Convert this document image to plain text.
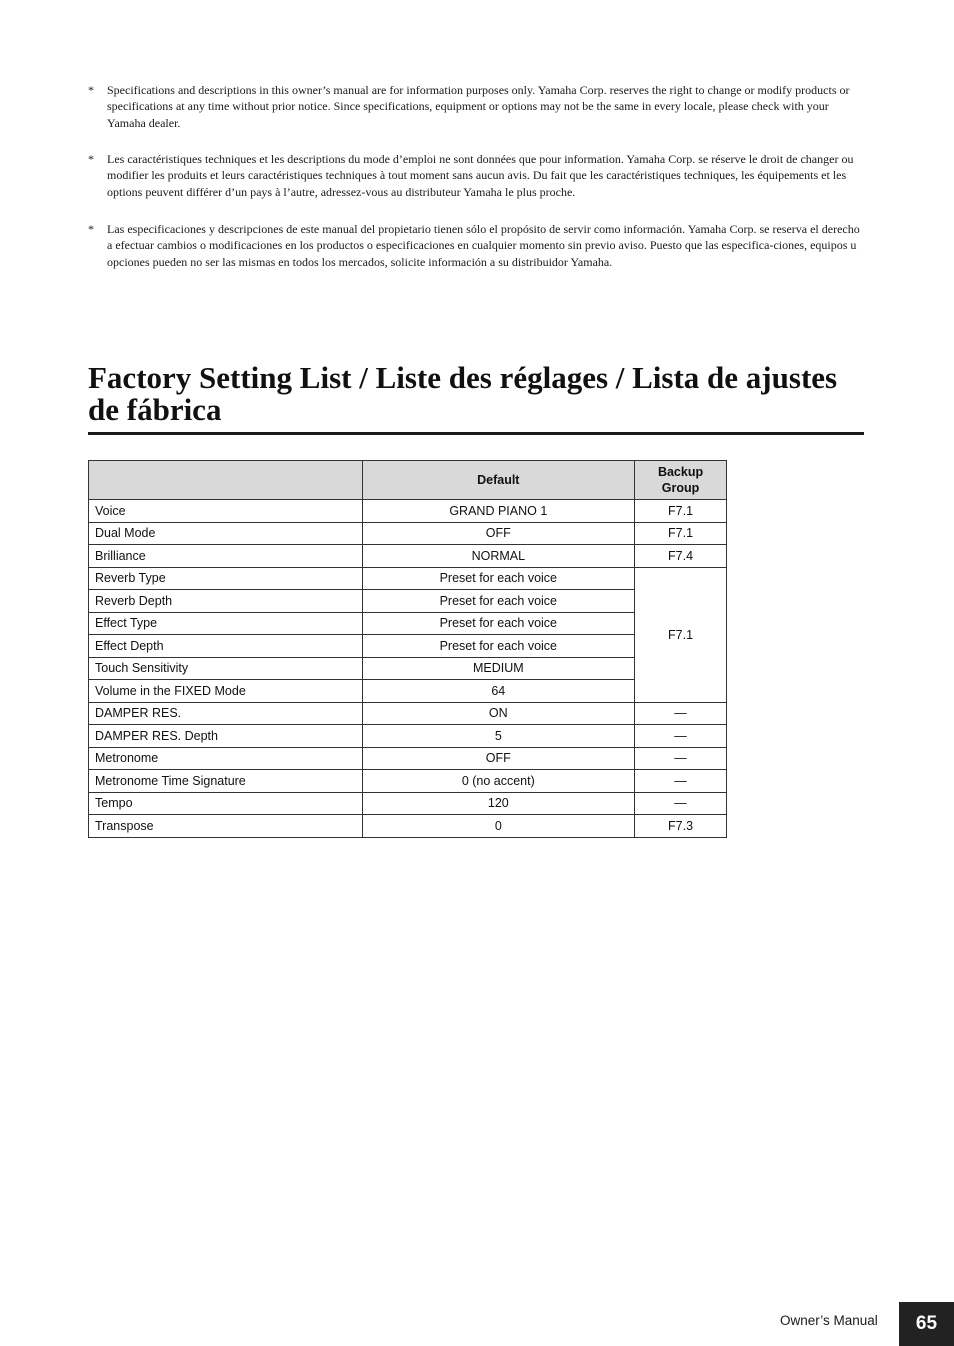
* Specifications and descriptions in this owner’s manual are for information purposes only. Yamaha Corp. reserves the right to change or modify products or specifications at any time without prior notice. Since specifications, equipment or options may not be the same in every locale, please check with your Yamaha dealer.
* Les caractéristiques techniques et les descriptions du mode d’emploi ne sont données que pour information. Yamaha Corp. se réserve le droit de changer ou modifier les produits et leurs caractéristiques techniques à tout moment sans aucun avis. Du fait que les caractéristiques techniques, les équipements et les options peuvent différer d’un pays à l’autre, adressez-vous au distributeur Yamaha le plus proche.
* Las especificaciones y descripciones de este manual del propietario tienen sólo el propósito de servir como información. Yamaha Corp. se reserva el derecho a efectuar cambios o modificaciones en los productos o especificaciones en cualquier momento sin previo aviso. Puesto que las especifica-ciones, equipos u opciones pueden no ser las mismas en todos los mercados, solicite información a su distribuidor Yamaha.
Factory Setting List / Liste des réglages / Lista de ajustes de fábrica
	Default	Backup Group
Voice	GRAND PIANO 1	F7.1
Dual Mode	OFF	F7.1
Brilliance	NORMAL	F7.4
Reverb Type	Preset for each voice	F7.1
Reverb Depth	Preset for each voice	
Effect Type	Preset for each voice	
Effect Depth	Preset for each voice	
Touch Sensitivity	MEDIUM	
Volume in the FIXED Mode	64	
DAMPER RES.	ON	—
DAMPER RES. Depth	5	—
Metronome	OFF	—
Metronome Time Signature	0 (no accent)	—
Tempo	120	—
Transpose	0	F7.3
Owner’s Manual	65
